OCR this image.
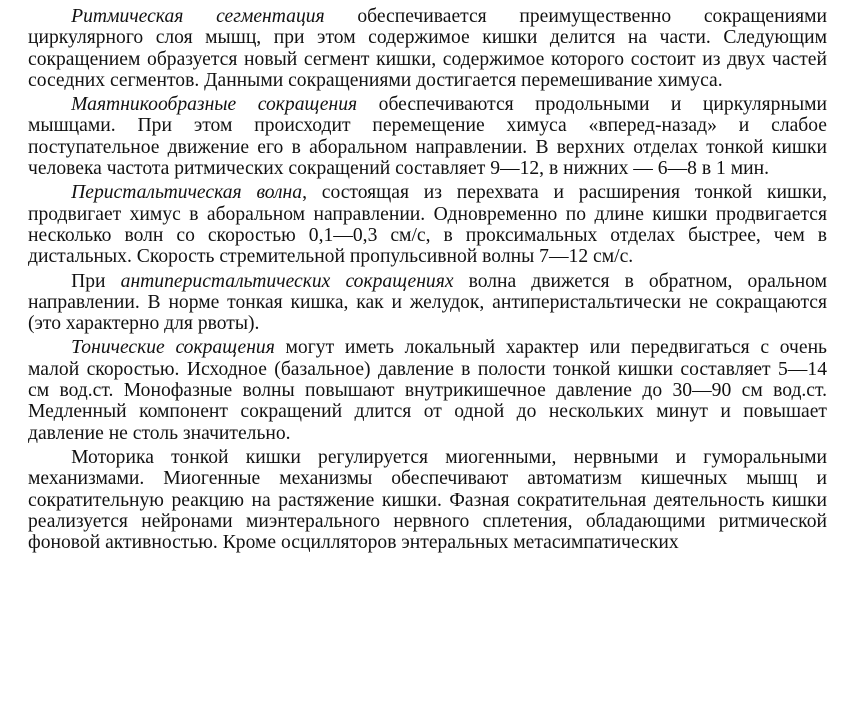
Ритмическая сегментация обеспечивается преимущественно сокращениями циркулярного слоя мышц, при этом содержимое кишки делится на части. Следующим сокращением образуется новый сегмент кишки, содержимое которого состоит из двух частей соседних сегментов. Данными сокращениями достигается перемешивание химуса.

Маятникообразные сокращения обеспечиваются продольными и циркулярными мышцами. При этом происходит перемещение химуса «вперед-назад» и слабое поступательное движение его в аборальном направлении. В верхних отделах тонкой кишки человека частота ритмических сокращений составляет 9—12, в нижних — 6—8 в 1 мин.

Перистальтическая волна, состоящая из перехвата и расширения тонкой кишки, продвигает химус в аборальном направлении. Одновременно по длине кишки продвигается несколько волн со скоростью 0,1—0,3 см/с, в проксимальных отделах быстрее, чем в дистальных. Скорость стремительной пропульсивной волны 7—12 см/с.

При антиперистальтических сокращениях волна движется в обратном, оральном направлении. В норме тонкая кишка, как и желудок, антиперистальтически не сокращаются (это характерно для рвоты).

Тонические сокращения могут иметь локальный характер или передвигаться с очень малой скоростью. Исходное (базальное) давление в полости тонкой кишки составляет 5—14 см вод.ст. Монофазные волны повышают внутрикишечное давление до 30—90 см вод.ст. Медленный компонент сокращений длится от одной до нескольких минут и повышает давление не столь значительно.

Моторика тонкой кишки регулируется миогенными, нервными и гуморальными механизмами. Миогенные механизмы обеспечивают автоматизм кишечных мышц и сократительную реакцию на растяжение кишки. Фазная сократительная деятельность кишки реализуется нейронами миэнтерального нервного сплетения, обладающими ритмической фоновой активностью. Кроме осцилляторов энтеральных метасимпатических
